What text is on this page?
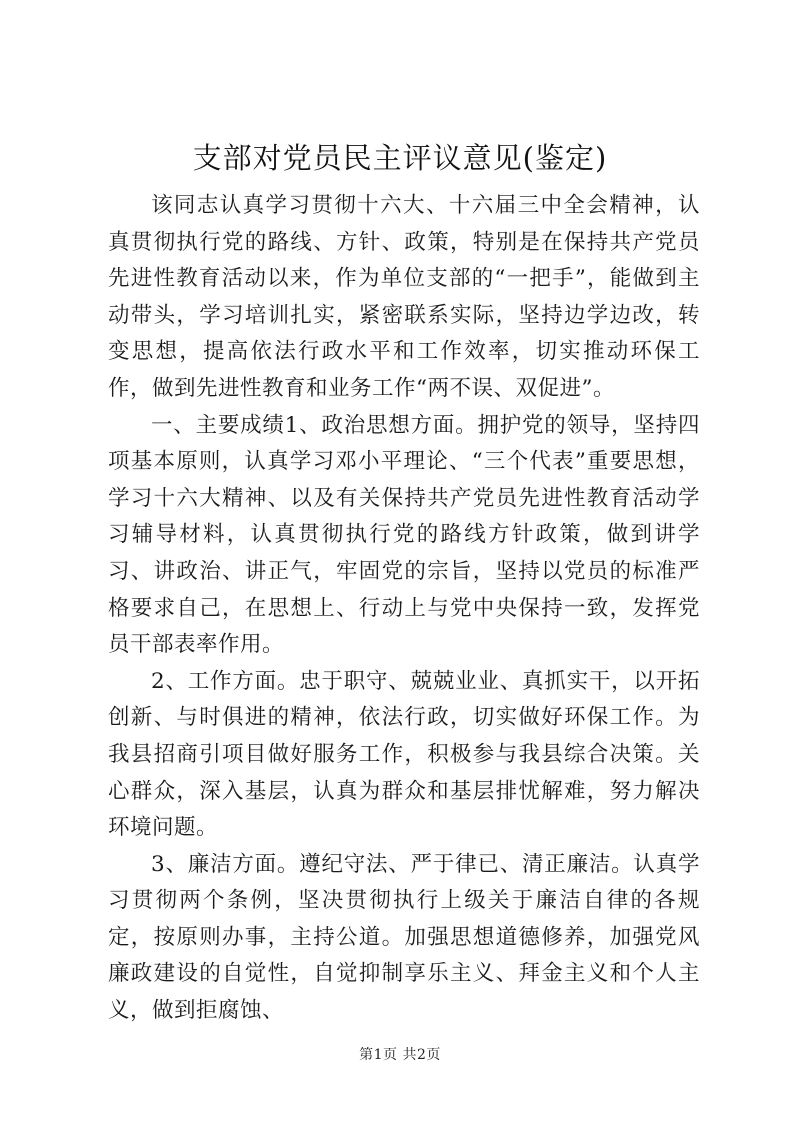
支部对党员民主评议意见(鉴定)

该同志认真学习贯彻十六大、十六届三中全会精神，认真贯彻执行党的路线、方针、政策，特别是在保持共产党员先进性教育活动以来，作为单位支部的“一把手”，能做到主动带头，学习培训扎实，紧密联系实际，坚持边学边改，转变思想，提高依法行政水平和工作效率，切实推动环保工作，做到先进性教育和业务工作“两不误、双促进”。

一、主要成绩1、政治思想方面。拥护党的领导，坚持四项基本原则，认真学习邓小平理论、“三个代表”重要思想，学习十六大精神、以及有关保持共产党员先进性教育活动学习辅导材料，认真贯彻执行党的路线方针政策，做到讲学习、讲政治、讲正气，牢固党的宗旨，坚持以党员的标准严格要求自己，在思想上、行动上与党中央保持一致，发挥党员干部表率作用。

2、工作方面。忠于职守、兢兢业业、真抓实干，以开拓创新、与时俱进的精神，依法行政，切实做好环保工作。为我县招商引项目做好服务工作，积极参与我县综合决策。关心群众，深入基层，认真为群众和基层排忧解难，努力解决环境问题。

3、廉洁方面。遵纪守法、严于律已、清正廉洁。认真学习贯彻两个条例，坚决贯彻执行上级关于廉洁自律的各规定，按原则办事，主持公道。加强思想道德修养，加强党风廉政建设的自觉性，自觉抑制享乐主义、拜金主义和个人主义，做到拒腐蚀、

第1页 共2页
